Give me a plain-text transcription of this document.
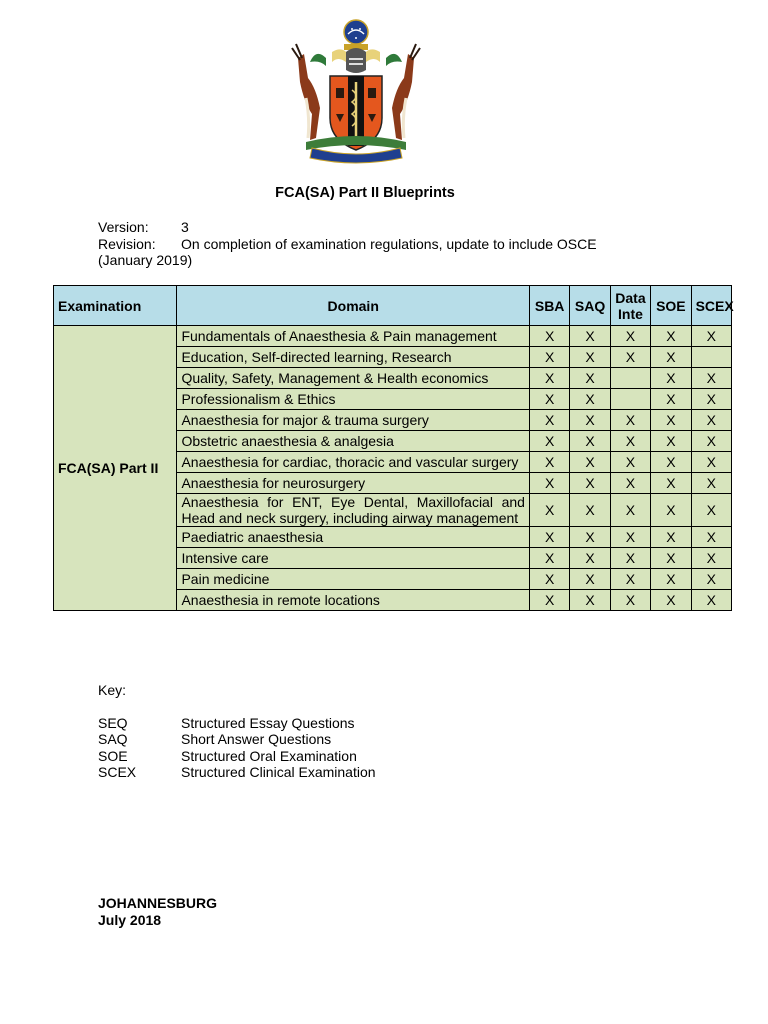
FCA(SA) Part II Blueprints
Version:	3
Revision:	On completion of examination regulations, update to include OSCE
(January 2019)
Examination	Domain	SBA	SAQ	Data Inte	SOE	SCEX
FCA(SA) Part II	Fundamentals of Anaesthesia & Pain management	X	X	X	X	X
	Education, Self-directed learning, Research	X	X	X	X	
	Quality, Safety, Management & Health economics	X	X		X	X
	Professionalism & Ethics	X	X		X	X
	Anaesthesia for major & trauma surgery	X	X	X	X	X
	Obstetric anaesthesia & analgesia	X	X	X	X	X
	Anaesthesia for cardiac, thoracic and vascular surgery	X	X	X	X	X
	Anaesthesia for neurosurgery	X	X	X	X	X
	Anaesthesia for ENT, Eye Dental, Maxillofacial and Head and neck surgery, including airway management	X	X	X	X	X
	Paediatric anaesthesia	X	X	X	X	X
	Intensive care	X	X	X	X	X
	Pain medicine	X	X	X	X	X
	Anaesthesia in remote locations	X	X	X	X	X
Key:
SEQ	Structured Essay Questions
SAQ	Short Answer Questions
SOE	Structured Oral Examination
SCEX	Structured Clinical Examination
JOHANNESBURG
July 2018
